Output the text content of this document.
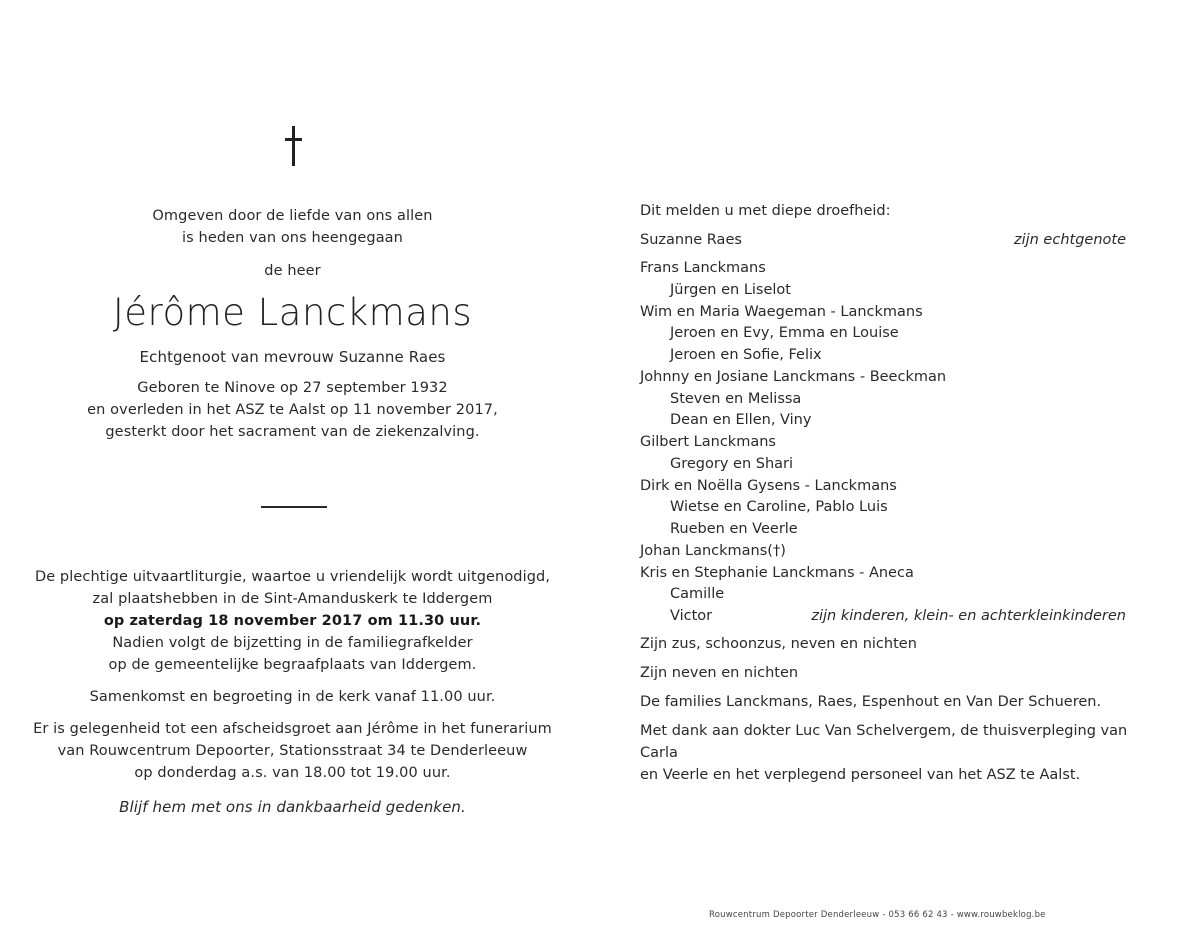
Omgeven door de liefde van ons allen
is heden van ons heengegaan
de heer
Jérôme Lanckmans
Echtgenoot van mevrouw Suzanne Raes
Geboren te Ninove op 27 september 1932
en overleden in het ASZ te Aalst op 11 november 2017,
gesterkt door het sacrament van de ziekenzalving.
De plechtige uitvaartliturgie, waartoe u vriendelijk wordt uitgenodigd,
zal plaatshebben in de Sint-Amanduskerk te Iddergem
op zaterdag 18 november 2017 om 11.30 uur.
Nadien volgt de bijzetting in de familiegrafkelder
op de gemeentelijke begraafplaats van Iddergem.
Samenkomst en begroeting in de kerk vanaf 11.00 uur.
Er is gelegenheid tot een afscheidsgroet aan Jérôme in het funerarium
van Rouwcentrum Depoorter, Stationsstraat 34 te Denderleeuw
op donderdag a.s. van 18.00 tot 19.00 uur.
Blijf hem met ons in dankbaarheid gedenken.
Dit melden u met diepe droefheid:
Suzanne Raes	zijn echtgenote
Frans Lanckmans
Jürgen en Liselot
Wim en Maria Waegeman - Lanckmans
Jeroen en Evy, Emma en Louise
Jeroen en Sofie, Felix
Johnny en Josiane Lanckmans - Beeckman
Steven en Melissa
Dean en Ellen, Viny
Gilbert Lanckmans
Gregory en Shari
Dirk en Noëlla Gysens - Lanckmans
Wietse en Caroline, Pablo Luis
Rueben en Veerle
Johan Lanckmans(†)
Kris en Stephanie Lanckmans - Aneca
Camille
Victor	zijn kinderen, klein- en achterkleinkinderen
Zijn zus, schoonzus, neven en nichten
Zijn neven en nichten
De families Lanckmans, Raes, Espenhout en Van Der Schueren.
Met dank aan dokter Luc Van Schelvergem, de thuisverpleging van Carla
en Veerle en het verplegend personeel van het ASZ te Aalst.
Rouwcentrum Depoorter Denderleeuw - 053 66 62 43 - www.rouwbeklog.be
